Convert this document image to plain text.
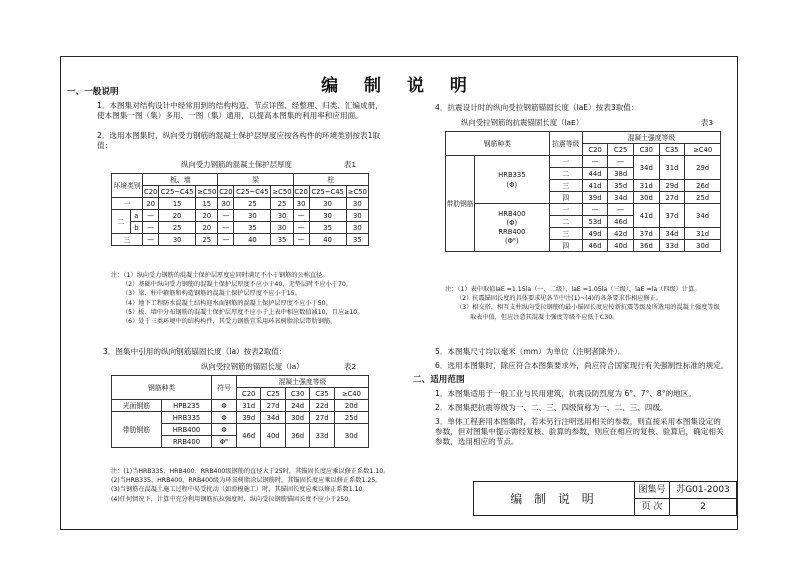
编 制 说 明
一、一般说明
1．本图集对结构设计中经常用到的结构构造、节点详图、经整理、归类、汇编成册，使本图集一图（集）多用、一图（集）通用，以提高本图集的利用率和应用面。
2．选用本图集时，纵向受力钢筋的混凝土保护层厚度应按各构件的环境类别按表1取值：
纵向受力钢筋的混凝土保护层厚度	表1
环境类别		板、墙			梁			柱		
		C20	C25~C45	≥C50	C20	C25~C45	≥C50	C20	C25~C45	≥C50
一		20	15	15	30	25	25	30	30	30
二	a	—	20	20	—	30	30	—	30	30
	b	—	25	20	—	35	30	—	35	30
三		—	30	25	—	40	35	—	40	35
注：（1）纵向受力钢筋的混凝土保护层厚度应同时满足不小于钢筋的公称直径。
（2）基础中纵向受力钢筋的混凝土保护层厚度不应小于40，无垫层时不应小于70。
（3）梁、柱中箍筋和构造钢筋的混凝土保护层厚度不应小于15。
（4）地下工程防水混凝土结构迎水面钢筋的混凝土保护层厚度不应小于50。
（5）板、墙中分布钢筋的混凝土保护层厚度不应小于上表中相应数值减10，且应≥10。
（6）处于三类环境中的结构构件，其受力钢筋宜采用环氧树脂涂层带肋钢筋。
3．图集中引用的纵向钢筋锚固长度（la）按表2取值：
纵向受拉钢筋的锚固长度（la）	表2
钢筋种类		符号	混凝土强度等级				
			C20	C25	C30	C35	≥C40
光面钢筋	HPB235	Φ	31d	27d	24d	22d	20d
带肋钢筋	HRB335	Φ	39d	34d	30d	27d	25d
	HRB400	Φ	46d	40d	36d	33d	30d
	RRB400	Φᴿ					
注：(1)当HRB335、HRB400、RRB400级钢筋的直径大于25时，其锚固长度应乘以修正系数1.10。
(2)当HRB335、HRB400、RRB400级为环氧树脂涂层钢筋时，其锚固长度应乘以修正系数1.25。
(3)当钢筋在混凝土施工过程中易受扰动（如滑模施工）时，其锚固长度应乘以修正系数1.10。
(4)任何情况下，计算中充分利用钢筋抗拉强度时，纵向受拉钢筋锚固长度不应小于250。
4．抗震设计时的纵向受拉钢筋锚固长度（laE）按表3取值：
纵向受拉钢筋的抗震锚固长度（laE）	表3
钢筋种类		抗震等级	混凝土强度等级				
			C20	C25	C30	C35	≥C40
带肋钢筋	HRB335
(Φ)	一	—	—	34d	31d	29d
		二	44d	38d			
		三	41d	35d	31d	29d	26d
		四	39d	34d	30d	27d	25d
	HRB400
(Φ)
RRB400
(Φᴿ)	一	—	—	41d	37d	34d
		二	53d	46d			
		三	49d	42d	37d	34d	31d
		四	46d	40d	36d	33d	30d
注：（1）表中取值laE =1.15la（一、二级）、laE =1.05la（三级）、laE =la（四级）计算。
（2）抗震锚固长度的具体要求见各节中注(1)~(4)的各条要求作相应修正。
（3）相交搭，相互支柱纵向受拉钢筋的最小锚固长度应按新抗震等级及所选用的混凝土强度等级
取表中值，但应注意其混凝土强度等级不应低于C30。
5．本图集尺寸均以毫米（mm）为单位（注明者除外）。
6．选用本图集时，除应符合本图集要求外，尚应符合国家现行有关强制性标准的规定。
二、适用范围
1．本图集适用于一般工业与民用建筑，抗震设防烈度为 6°、7°、8°的地区。
2．本图集把抗震等级为一、二、三、四级简称为一、二、三、四级。
3．单体工程套用本图集时，若未另行注明选用相关的参数，则直接采用本图集设定的参数，但对图集中提示需经复核、验算的参数，则应在相应的复核、验算后，确定相关参数，选用相应的节点。
编 制 说 明	图集号	苏G01-2003
	页 次	2
